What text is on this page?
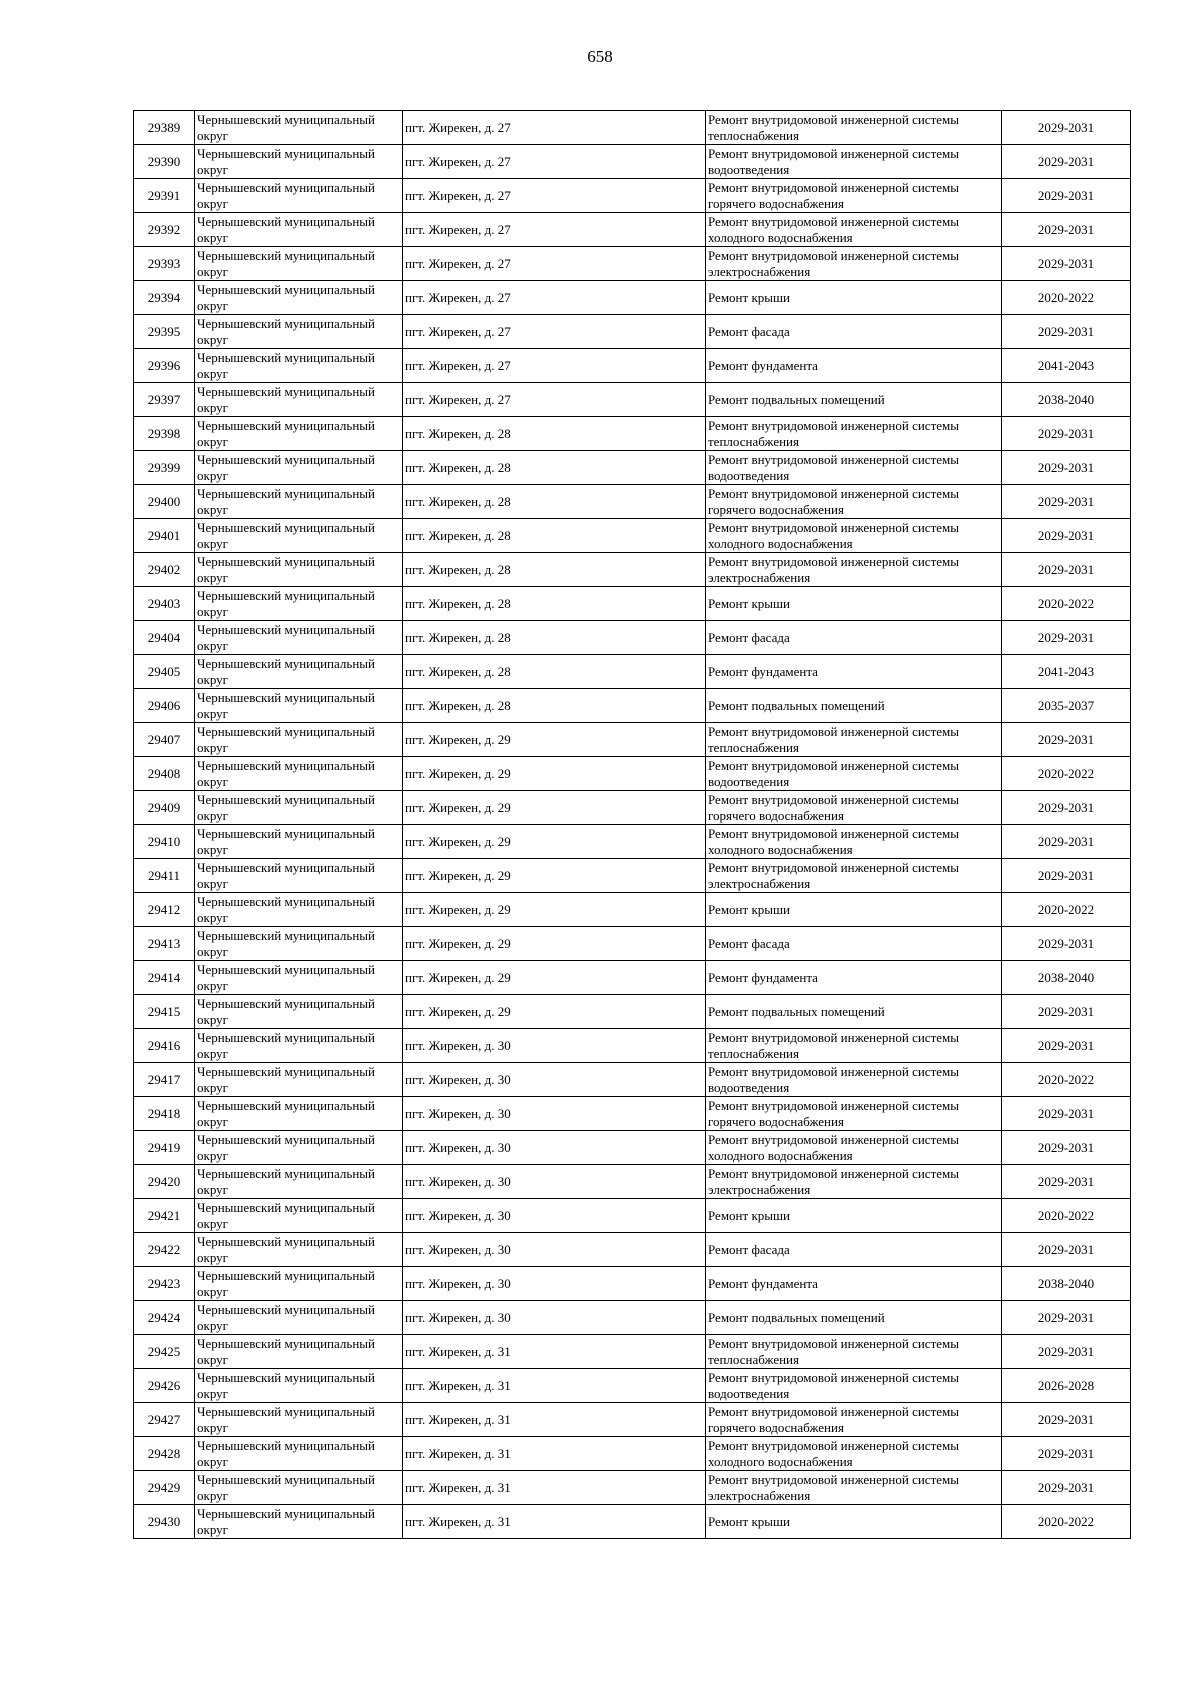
658
29389	Чернышевский муниципальный округ	пгт. Жирекен, д. 27	Ремонт внутридомовой инженерной системы теплоснабжения	2029-2031
29390	Чернышевский муниципальный округ	пгт. Жирекен, д. 27	Ремонт внутридомовой инженерной системы водоотведения	2029-2031
29391	Чернышевский муниципальный округ	пгт. Жирекен, д. 27	Ремонт внутридомовой инженерной системы горячего водоснабжения	2029-2031
29392	Чернышевский муниципальный округ	пгт. Жирекен, д. 27	Ремонт внутридомовой инженерной системы холодного водоснабжения	2029-2031
29393	Чернышевский муниципальный округ	пгт. Жирекен, д. 27	Ремонт внутридомовой инженерной системы электроснабжения	2029-2031
29394	Чернышевский муниципальный округ	пгт. Жирекен, д. 27	Ремонт крыши	2020-2022
29395	Чернышевский муниципальный округ	пгт. Жирекен, д. 27	Ремонт фасада	2029-2031
29396	Чернышевский муниципальный округ	пгт. Жирекен, д. 27	Ремонт фундамента	2041-2043
29397	Чернышевский муниципальный округ	пгт. Жирекен, д. 27	Ремонт подвальных помещений	2038-2040
29398	Чернышевский муниципальный округ	пгт. Жирекен, д. 28	Ремонт внутридомовой инженерной системы теплоснабжения	2029-2031
29399	Чернышевский муниципальный округ	пгт. Жирекен, д. 28	Ремонт внутридомовой инженерной системы водоотведения	2029-2031
29400	Чернышевский муниципальный округ	пгт. Жирекен, д. 28	Ремонт внутридомовой инженерной системы горячего водоснабжения	2029-2031
29401	Чернышевский муниципальный округ	пгт. Жирекен, д. 28	Ремонт внутридомовой инженерной системы холодного водоснабжения	2029-2031
29402	Чернышевский муниципальный округ	пгт. Жирекен, д. 28	Ремонт внутридомовой инженерной системы электроснабжения	2029-2031
29403	Чернышевский муниципальный округ	пгт. Жирекен, д. 28	Ремонт крыши	2020-2022
29404	Чернышевский муниципальный округ	пгт. Жирекен, д. 28	Ремонт фасада	2029-2031
29405	Чернышевский муниципальный округ	пгт. Жирекен, д. 28	Ремонт фундамента	2041-2043
29406	Чернышевский муниципальный округ	пгт. Жирекен, д. 28	Ремонт подвальных помещений	2035-2037
29407	Чернышевский муниципальный округ	пгт. Жирекен, д. 29	Ремонт внутридомовой инженерной системы теплоснабжения	2029-2031
29408	Чернышевский муниципальный округ	пгт. Жирекен, д. 29	Ремонт внутридомовой инженерной системы водоотведения	2020-2022
29409	Чернышевский муниципальный округ	пгт. Жирекен, д. 29	Ремонт внутридомовой инженерной системы горячего водоснабжения	2029-2031
29410	Чернышевский муниципальный округ	пгт. Жирекен, д. 29	Ремонт внутридомовой инженерной системы холодного водоснабжения	2029-2031
29411	Чернышевский муниципальный округ	пгт. Жирекен, д. 29	Ремонт внутридомовой инженерной системы электроснабжения	2029-2031
29412	Чернышевский муниципальный округ	пгт. Жирекен, д. 29	Ремонт крыши	2020-2022
29413	Чернышевский муниципальный округ	пгт. Жирекен, д. 29	Ремонт фасада	2029-2031
29414	Чернышевский муниципальный округ	пгт. Жирекен, д. 29	Ремонт фундамента	2038-2040
29415	Чернышевский муниципальный округ	пгт. Жирекен, д. 29	Ремонт подвальных помещений	2029-2031
29416	Чернышевский муниципальный округ	пгт. Жирекен, д. 30	Ремонт внутридомовой инженерной системы теплоснабжения	2029-2031
29417	Чернышевский муниципальный округ	пгт. Жирекен, д. 30	Ремонт внутридомовой инженерной системы водоотведения	2020-2022
29418	Чернышевский муниципальный округ	пгт. Жирекен, д. 30	Ремонт внутридомовой инженерной системы горячего водоснабжения	2029-2031
29419	Чернышевский муниципальный округ	пгт. Жирекен, д. 30	Ремонт внутридомовой инженерной системы холодного водоснабжения	2029-2031
29420	Чернышевский муниципальный округ	пгт. Жирекен, д. 30	Ремонт внутридомовой инженерной системы электроснабжения	2029-2031
29421	Чернышевский муниципальный округ	пгт. Жирекен, д. 30	Ремонт крыши	2020-2022
29422	Чернышевский муниципальный округ	пгт. Жирекен, д. 30	Ремонт фасада	2029-2031
29423	Чернышевский муниципальный округ	пгт. Жирекен, д. 30	Ремонт фундамента	2038-2040
29424	Чернышевский муниципальный округ	пгт. Жирекен, д. 30	Ремонт подвальных помещений	2029-2031
29425	Чернышевский муниципальный округ	пгт. Жирекен, д. 31	Ремонт внутридомовой инженерной системы теплоснабжения	2029-2031
29426	Чернышевский муниципальный округ	пгт. Жирекен, д. 31	Ремонт внутридомовой инженерной системы водоотведения	2026-2028
29427	Чернышевский муниципальный округ	пгт. Жирекен, д. 31	Ремонт внутридомовой инженерной системы горячего водоснабжения	2029-2031
29428	Чернышевский муниципальный округ	пгт. Жирекен, д. 31	Ремонт внутридомовой инженерной системы холодного водоснабжения	2029-2031
29429	Чернышевский муниципальный округ	пгт. Жирекен, д. 31	Ремонт внутридомовой инженерной системы электроснабжения	2029-2031
29430	Чернышевский муниципальный округ	пгт. Жирекен, д. 31	Ремонт крыши	2020-2022
